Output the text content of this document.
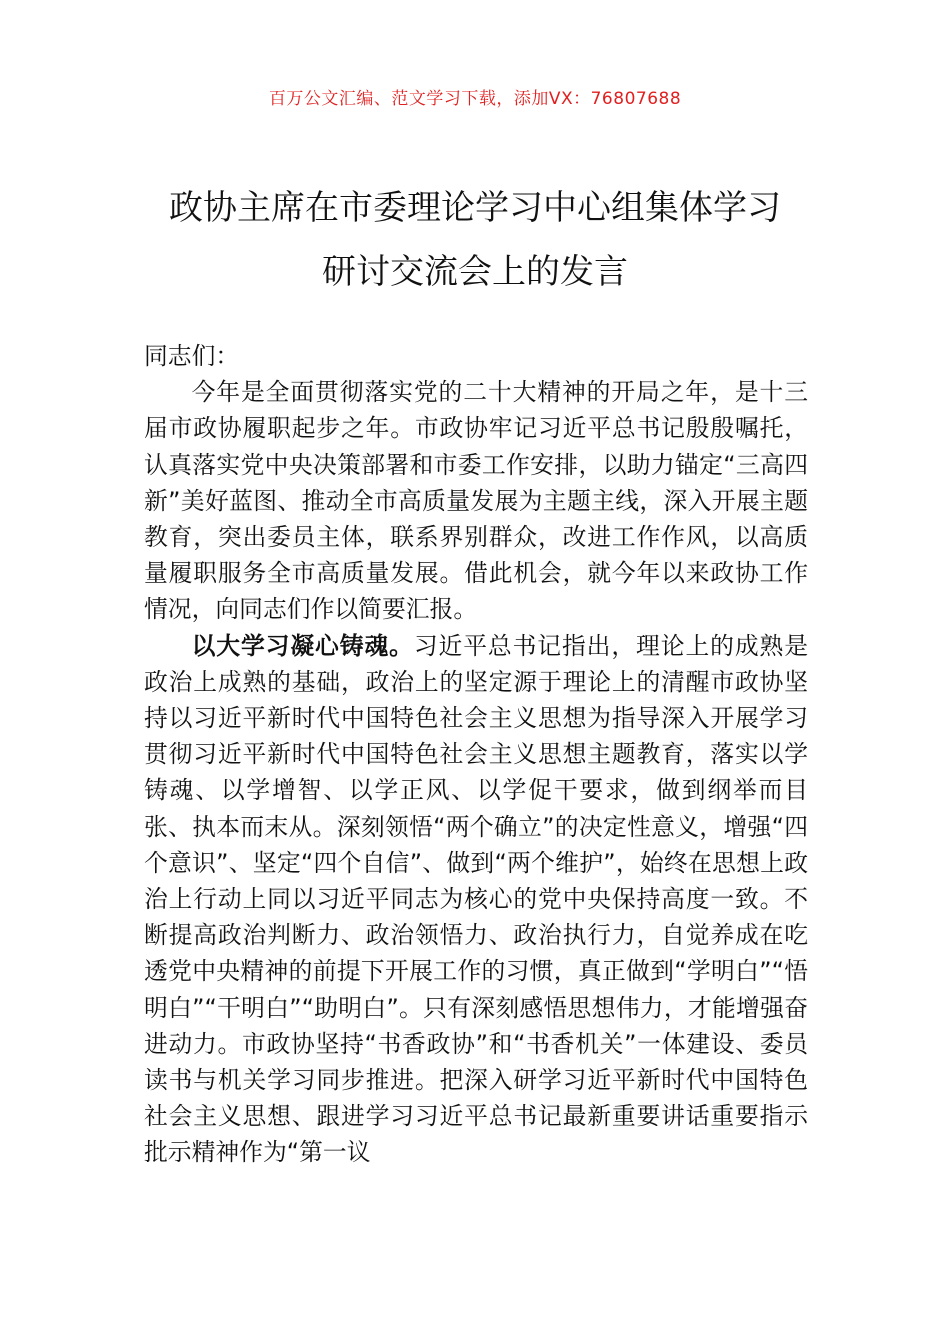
百万公文汇编、范文学习下载，添加VX：76807688

政协主席在市委理论学习中心组集体学习
研讨交流会上的发言

同志们：

今年是全面贯彻落实党的二十大精神的开局之年，是十三届市政协履职起步之年。市政协牢记习近平总书记殷殷嘱托，认真落实党中央决策部署和市委工作安排，以助力锚定“三高四新”美好蓝图、推动全市高质量发展为主题主线，深入开展主题教育，突出委员主体，联系界别群众，改进工作作风，以高质量履职服务全市高质量发展。借此机会，就今年以来政协工作情况，向同志们作以简要汇报。

以大学习凝心铸魂。习近平总书记指出，理论上的成熟是政治上成熟的基础，政治上的坚定源于理论上的清醒市政协坚持以习近平新时代中国特色社会主义思想为指导深入开展学习贯彻习近平新时代中国特色社会主义思想主题教育，落实以学铸魂、以学增智、以学正风、以学促干要求，做到纲举而目张、执本而末从。深刻领悟“两个确立”的决定性意义，增强“四个意识”、坚定“四个自信”、做到“两个维护”，始终在思想上政治上行动上同以习近平同志为核心的党中央保持高度一致。不断提高政治判断力、政治领悟力、政治执行力，自觉养成在吃透党中央精神的前提下开展工作的习惯，真正做到“学明白”“悟明白”“干明白”“助明白”。只有深刻感悟思想伟力，才能增强奋进动力。市政协坚持“书香政协”和“书香机关”一体建设、委员读书与机关学习同步推进。把深入研学习近平新时代中国特色社会主义思想、跟进学习习近平总书记最新重要讲话重要指示批示精神作为“第一议
